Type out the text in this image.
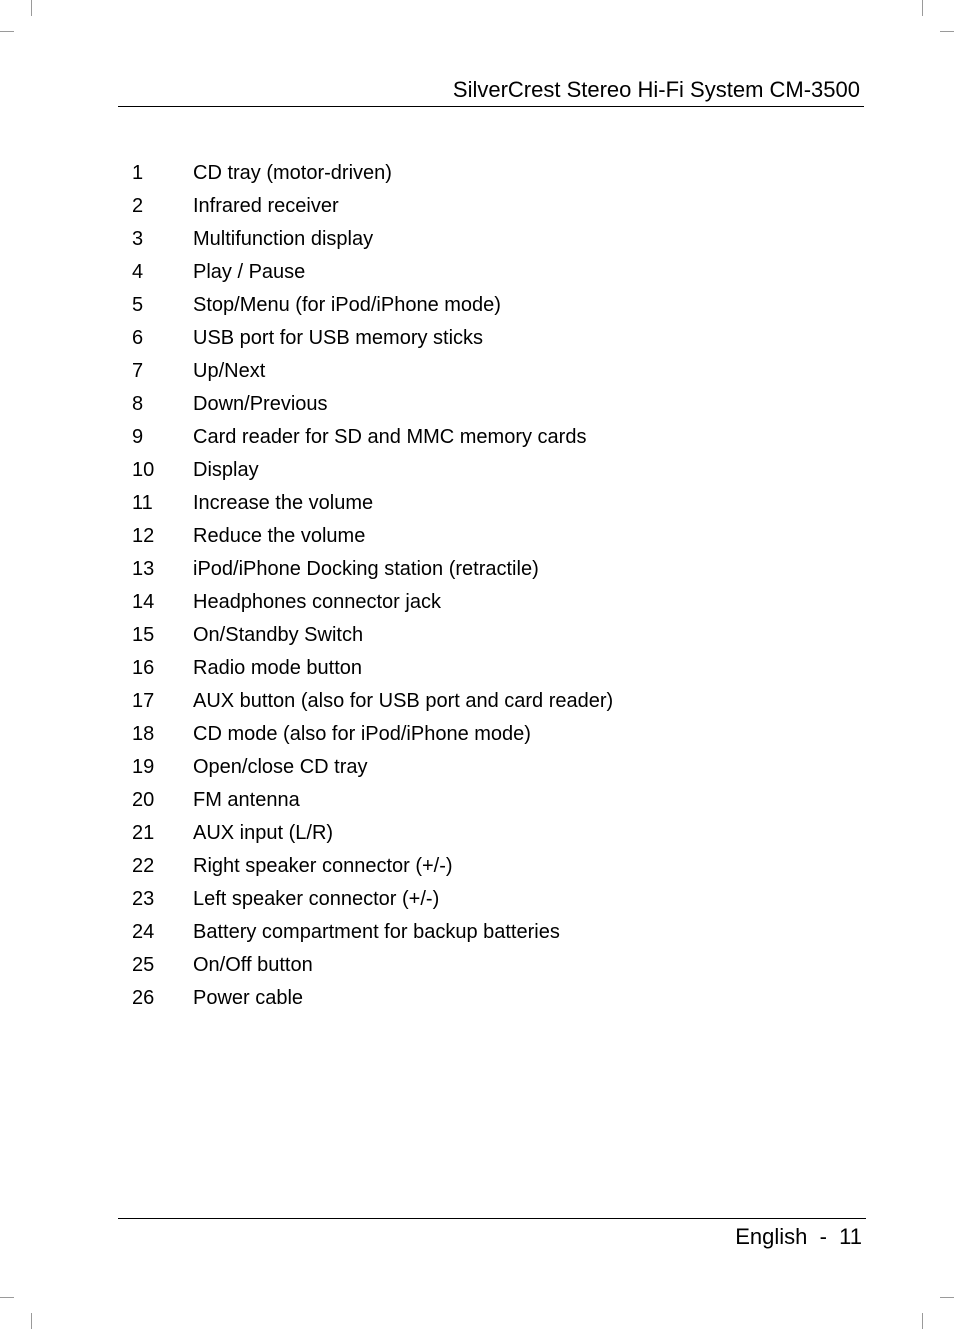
SilverCrest Stereo Hi-Fi System CM-3500
1	CD tray (motor-driven)
2	Infrared receiver
3	Multifunction display
4	Play / Pause
5	Stop/Menu (for iPod/iPhone mode)
6	USB port for USB memory sticks
7	Up/Next
8	Down/Previous
9	Card reader for SD and MMC memory cards
10	Display
11	Increase the volume
12	Reduce the volume
13	iPod/iPhone Docking station (retractile)
14	Headphones connector jack
15	On/Standby Switch
16	Radio mode button
17	AUX button (also for USB port and card reader)
18	CD mode (also for iPod/iPhone mode)
19	Open/close CD tray
20	FM antenna
21	AUX input (L/R)
22	Right speaker connector (+/-)
23	Left speaker connector (+/-)
24	Battery compartment for backup batteries
25	On/Off button
26	Power cable
English  -  11
